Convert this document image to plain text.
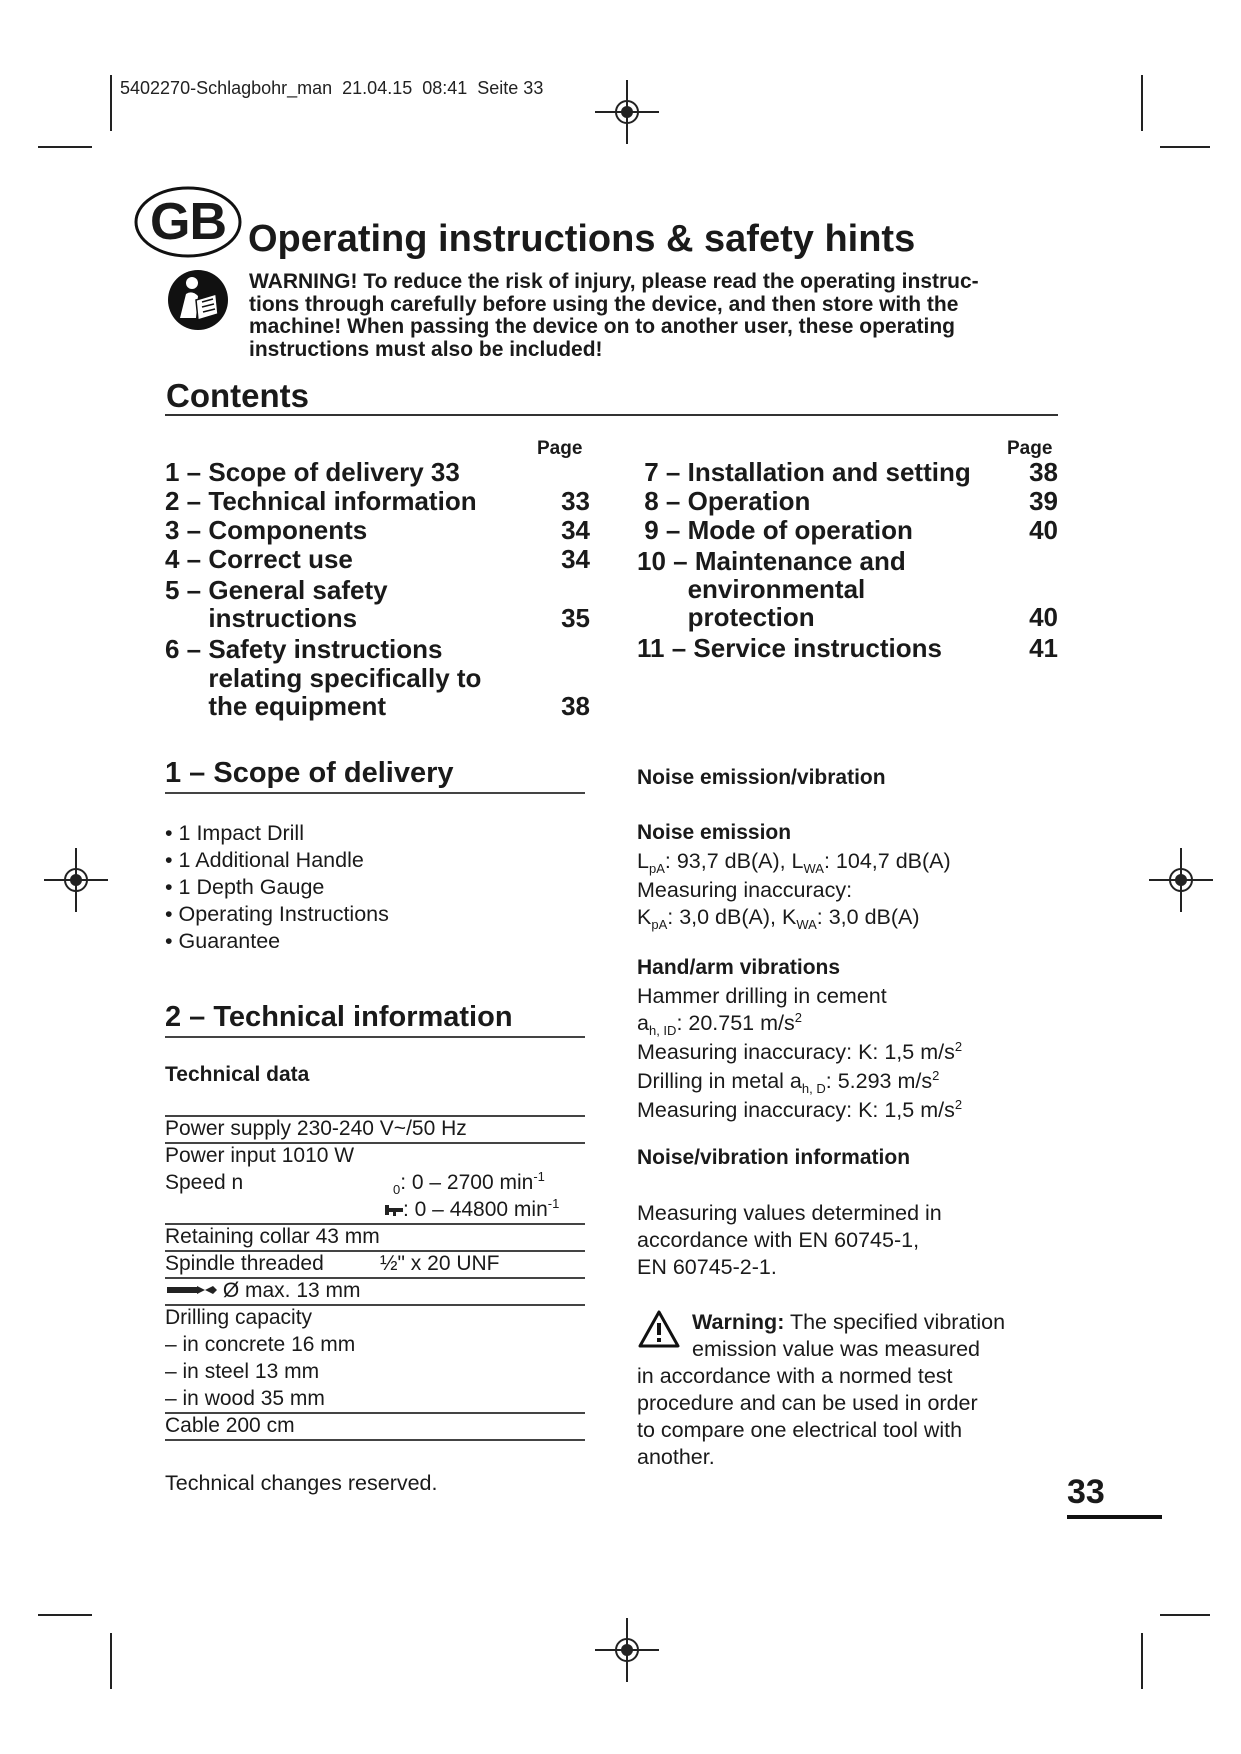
5402270-Schlagbohr_man  21.04.15  08:41  Seite 33
GB Operating instructions & safety hints
WARNING! To reduce the risk of injury, please read the operating instruc-
tions through carefully before using the device, and then store with the
machine! When passing the device on to another user, these operating
instructions must also be included!
Contents
Page	Page
1 – Scope of delivery 33
2 – Technical information	33
3 – Components	34
4 – Correct use	34
5 – General safety
instructions	35
6 – Safety instructions
relating specifically to
the equipment	38
7 – Installation and setting	38
8 – Operation	39
9 – Mode of operation	40
10 – Maintenance and
environmental
protection	40
11 – Service instructions	41
1 – Scope of delivery
• 1 Impact Drill
• 1 Additional Handle
• 1 Depth Gauge
• Operating Instructions
• Guarantee
2 – Technical information
Technical data
Power supply 230-240 V~/50 Hz
Power input 1010 W
Speed n	$_0$: 0 – 2700 $\min^{-1}$
: 0 – 44800 $\min^{-1}$
Retaining collar 43 mm
Spindle threaded	½" x 20 UNF
Ø max. 13 mm
Drilling capacity
– in concrete 16 mm
– in steel 13 mm
– in wood 35 mm
Cable 200 cm
Technical changes reserved.
Noise emission/vibration
Noise emission
$L_{pA}$: 93,7 dB(A), $L_{WA}$: 104,7 dB(A)
Measuring inaccuracy:
$K_{pA}$: 3,0 dB(A), $K_{WA}$: 3,0 dB(A)
Hand/arm vibrations
Hammer drilling in cement
$a_{h, ID}$: 20.751 $m/s^2$
Measuring inaccuracy: K: 1,5 $m/s^2$
Drilling in metal $a_{h, D}$: 5.293 $m/s^2$
Measuring inaccuracy: K: 1,5 $m/s^2$
Noise/vibration information
Measuring values determined in
accordance with EN 60745-1,
EN 60745-2-1.
Warning: The specified vibration
emission value was measured
in accordance with a normed test
procedure and can be used in order
to compare one electrical tool with
another.
33
